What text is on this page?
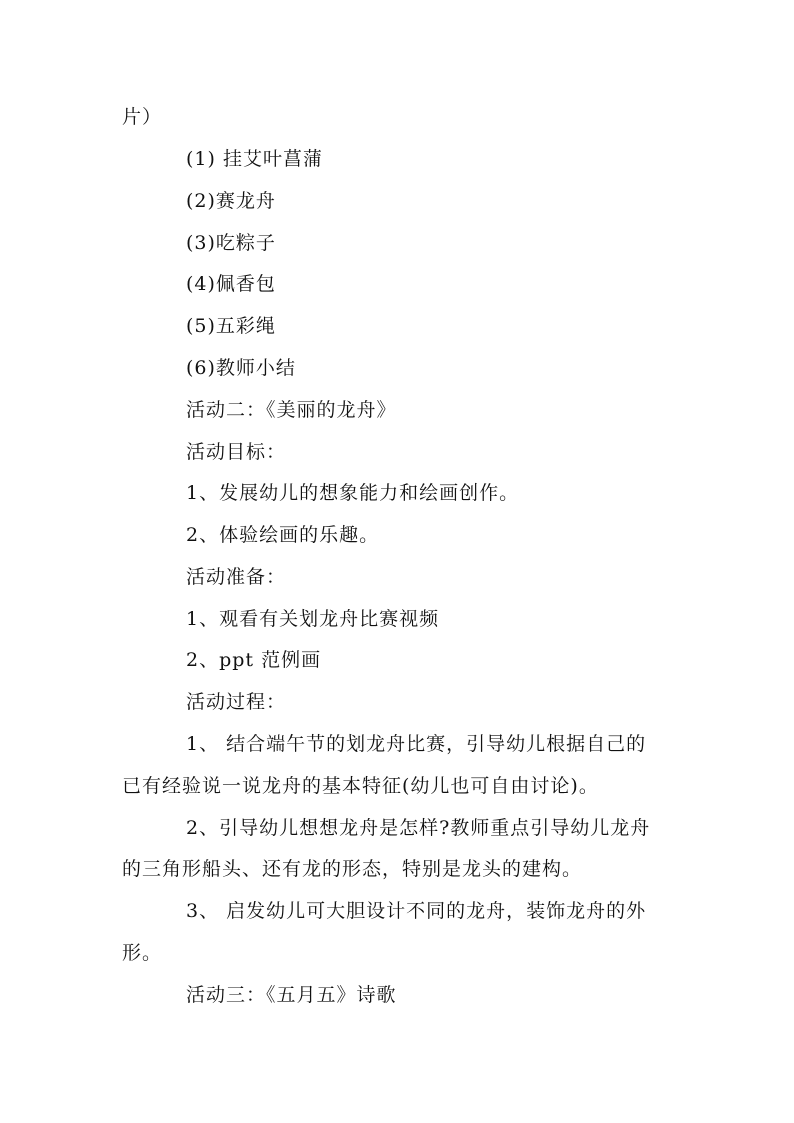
片）

(1) 挂艾叶菖蒲

(2)赛龙舟

(3)吃粽子

(4)佩香包

(5)五彩绳

(6)教师小结

活动二：《美丽的龙舟》

活动目标：

1、发展幼儿的想象能力和绘画创作。

2、体验绘画的乐趣。

活动准备：

1、观看有关划龙舟比赛视频

2、ppt 范例画

活动过程：

1、 结合端午节的划龙舟比赛，引导幼儿根据自己的

已有经验说一说龙舟的基本特征(幼儿也可自由讨论)。

2、引导幼儿想想龙舟是怎样?教师重点引导幼儿龙舟

的三角形船头、还有龙的形态，特别是龙头的建构。

3、 启发幼儿可大胆设计不同的龙舟，装饰龙舟的外

形。

活动三：《五月五》诗歌
